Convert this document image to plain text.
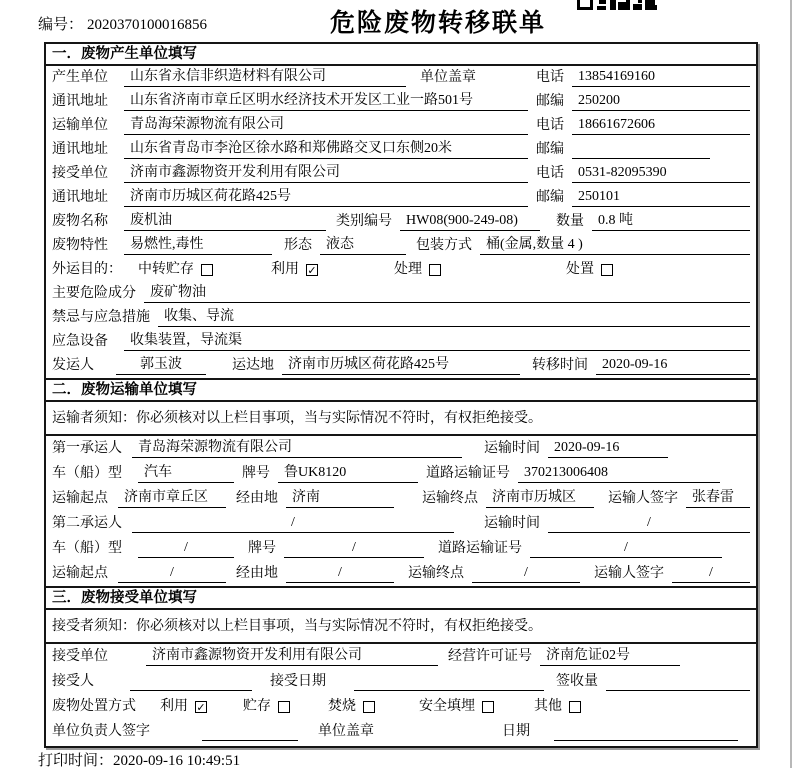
编号： 2020370100016856	危险废物转移联单
一．废物产生单位填写
产生单位	山东省永信非织造材料有限公司	单位盖章	电话	13854169160
通讯地址	山东省济南市章丘区明水经济技术开发区工业一路501号	邮编	250200
运输单位	青岛海荣源物流有限公司	电话	18661672606
通讯地址	山东省青岛市李沧区徐水路和郑佛路交叉口东侧20米	邮编
接受单位	济南市鑫源物资开发利用有限公司	电话	0531-82095390
通讯地址	济南市历城区荷花路425号	邮编	250101
废物名称	废机油	类别编号	HW08(900-249-08)	数量	0.8 吨
废物特性	易燃性,毒性	形态	液态	包装方式	桶(金属,数量 4 )
外运目的： 中转贮存	利用 ✓	处理	处置
主要危险成分	废矿物油
禁忌与应急措施	收集、导流
应急设备	收集装置，导流渠
发运人	郭玉波	运达地	济南市历城区荷花路425号	转移时间	2020-09-16
二．废物运输单位填写
运输者须知：你必须核对以上栏目事项，当与实际情况不符时，有权拒绝接受。
第一承运人	青岛海荣源物流有限公司	运输时间	2020-09-16
车（船）型	汽车	牌号	鲁UK8120	道路运输证号	370213006408
运输起点	济南市章丘区	经由地	济南	运输终点	济南市历城区	运输人签字	张春雷
第二承运人	/	运输时间	/
车（船）型	/	牌号	/	道路运输证号	/
运输起点	/	经由地	/	运输终点	/	运输人签字	/
三．废物接受单位填写
接受者须知：你必须核对以上栏目事项，当与实际情况不符时，有权拒绝接受。
接受单位	济南市鑫源物资开发利用有限公司	经营许可证号	济南危证02号
接受人	接受日期	签收量
废物处置方式 利用 ✓	贮存	焚烧	安全填埋	其他
单位负责人签字	单位盖章	日期
打印时间：2020-09-16 10:49:51
